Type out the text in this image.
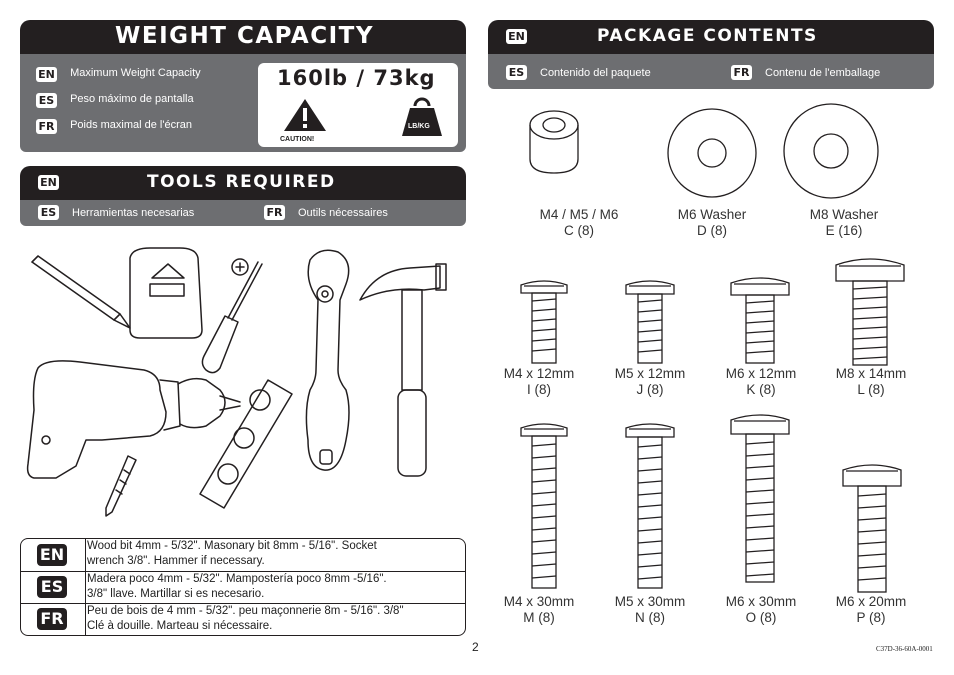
WEIGHT CAPACITY
EN Maximum Weight Capacity
ES Peso máximo de pantalla
FR Poids maximal de l'écran
160lb / 73kg
CAUTION!
LB/KG
EN	TOOLS REQUIRED
ES Herramientas necesarias	FR Outils nécessaires
EN Wood bit 4mm - 5/32". Masonary bit 8mm - 5/16". Socket
wrench 3/8". Hammer if necessary.
ES	Madera poco 4mm - 5/32". Mampostería poco 8mm -5/16".
3/8" llave. Martillar si es necesario.
FR Peu de bois de 4 mm - 5/32". peu maçonnerie 8m - 5/16". 3/8"
Clé à douille. Marteau si nécessaire.
EN	PACKAGE CONTENTS
ES Contenido del paquete	FR Contenu de l'emballage
M4 / M5 / M6
C (8)
M6 Washer
D (8)
M8 Washer
E (16)
M4 x 12mm
I (8)
M5 x 12mm
J (8)
M6 x 12mm
K (8)
M8 x 14mm
L (8)
M4 x 30mm
M (8)
M5 x 30mm
N (8)
M6 x 30mm
O (8)
M6 x 20mm
P (8)
2	C37D-36-60A-0001
